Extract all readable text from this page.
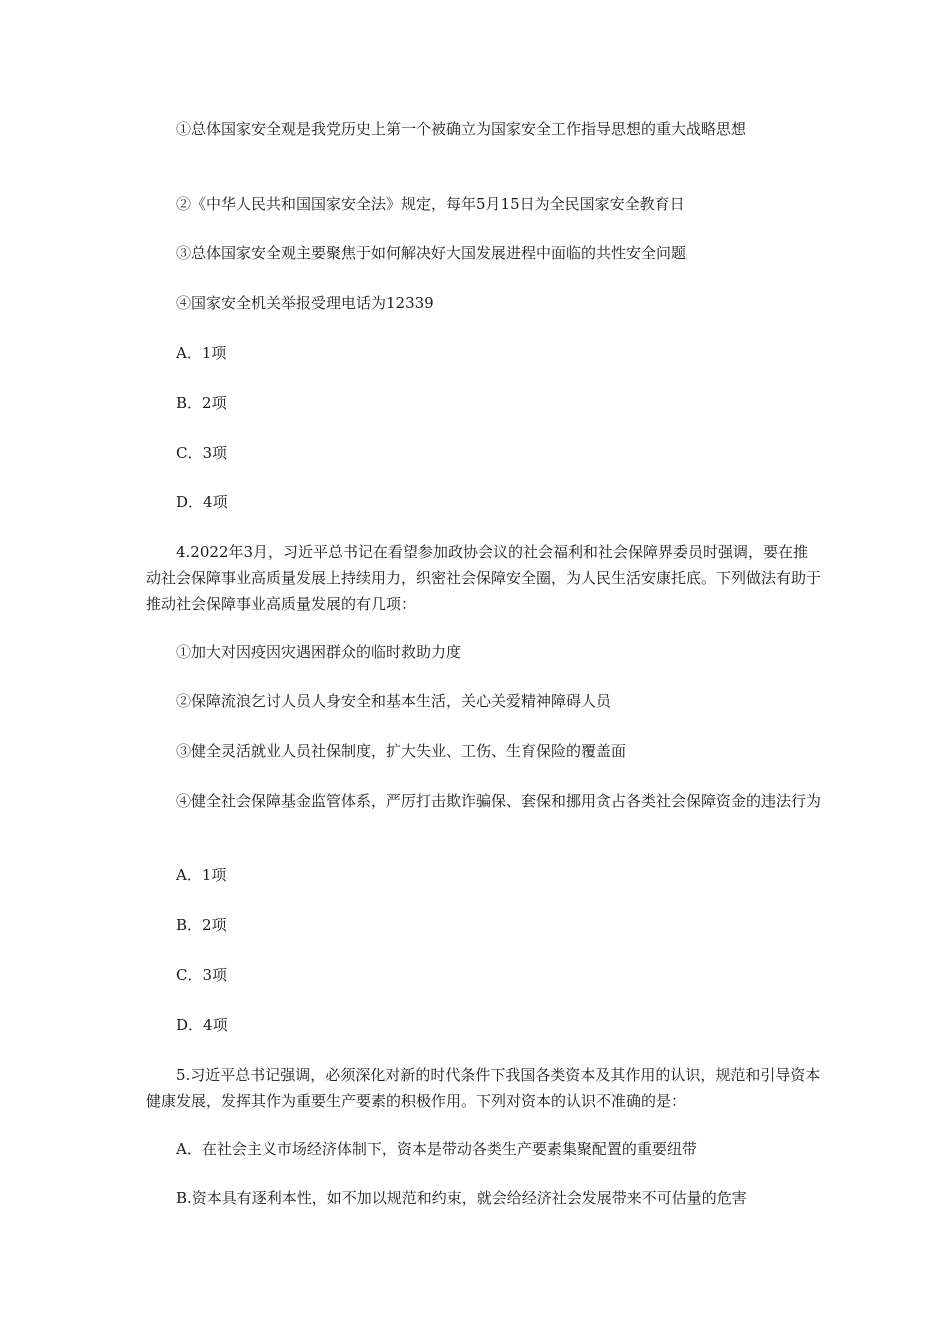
①总体国家安全观是我党历史上第一个被确立为国家安全工作指导思想的重大战略思想

②《中华人民共和国国家安全法》规定，每年5月15日为全民国家安全教育日

③总体国家安全观主要聚焦于如何解决好大国发展进程中面临的共性安全问题

④国家安全机关举报受理电话为12339

A．1项

B．2项

C．3项

D．4项

4.2022年3月，习近平总书记在看望参加政协会议的社会福利和社会保障界委员时强调，要在推动社会保障事业高质量发展上持续用力，织密社会保障安全圈，为人民生活安康托底。下列做法有助于推动社会保障事业高质量发展的有几项：

①加大对因疫因灾遇困群众的临时救助力度

②保障流浪乞讨人员人身安全和基本生活，关心关爱精神障碍人员

③健全灵活就业人员社保制度，扩大失业、工伤、生育保险的覆盖面

④健全社会保障基金监管体系，严厉打击欺诈骗保、套保和挪用贪占各类社会保障资金的违法行为

A．1项

B．2项

C．3项

D．4项

5.习近平总书记强调，必须深化对新的时代条件下我国各类资本及其作用的认识，规范和引导资本健康发展，发挥其作为重要生产要素的积极作用。下列对资本的认识不准确的是：

A．在社会主义市场经济体制下，资本是带动各类生产要素集聚配置的重要纽带

B.资本具有逐利本性，如不加以规范和约束，就会给经济社会发展带来不可估量的危害
